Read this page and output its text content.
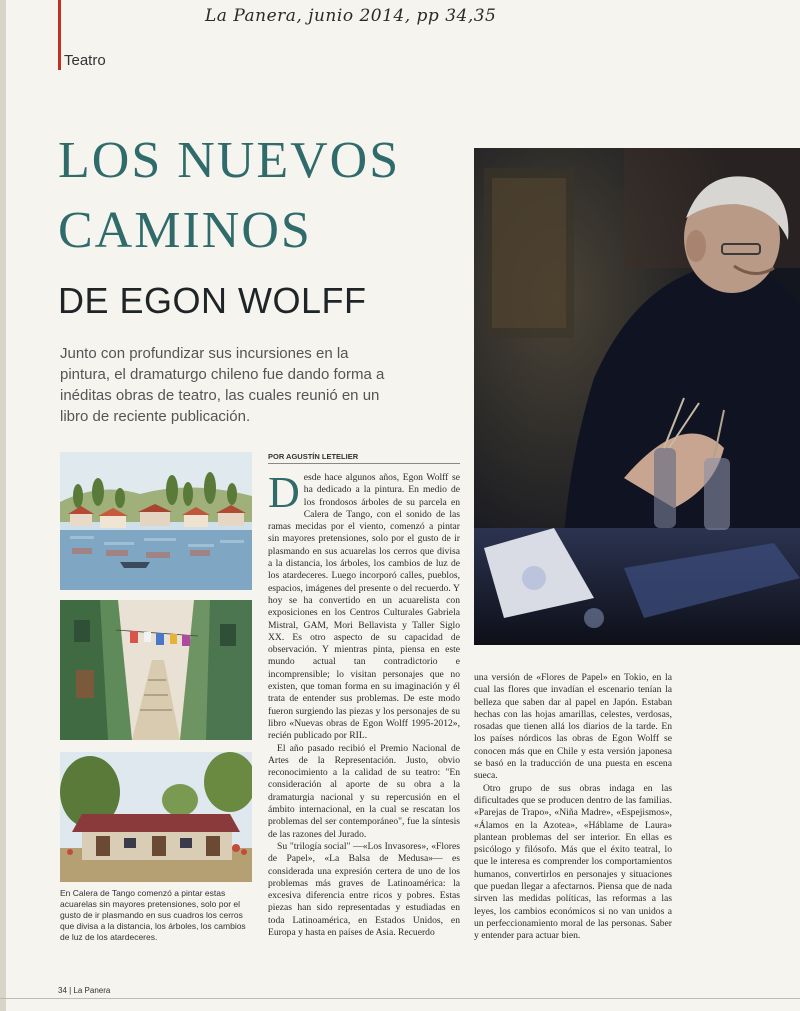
La Panera, junio 2014, pp 34,35
Teatro
LOS NUEVOS
CAMINOS
DE EGON WOLFF
Junto con profundizar sus incursiones en la pintura, el dramaturgo chileno fue dando forma a inéditas obras de teatro, las cuales reunió en un libro de reciente publicación.
En Calera de Tango comenzó a pintar estas acuarelas sin mayores pretensiones, solo por el gusto de ir plasmando en sus cuadros los cerros que divisa a la distancia, los árboles, los cambios de luz de los atardeceres.
POR AGUSTÍN LETELIER

Desde hace algunos años, Egon Wolff se ha dedicado a la pintura. En medio de los frondosos árboles de su parcela en Calera de Tango, con el sonido de las ramas mecidas por el viento, comenzó a pintar sin mayores pretensiones, solo por el gusto de ir plasmando en sus acuarelas los cerros que divisa a la distancia, los árboles, los cambios de luz de los atardeceres. Luego incorporó calles, pueblos, espacios, imágenes del presente o del recuerdo. Y hoy se ha convertido en un acuarelista con exposiciones en los Centros Culturales Gabriela Mistral, GAM, Mori Bellavista y Taller Siglo XX. Es otro aspecto de su capacidad de observación. Y mientras pinta, piensa en este mundo actual tan contradictorio e incomprensible; lo visitan personajes que no existen, que toman forma en su imaginación y él trata de entender sus problemas. De este modo fueron surgiendo las piezas y los personajes de su libro «Nuevas obras de Egon Wolff 1995-2012», recién publicado por RIL.

El año pasado recibió el Premio Nacional de Artes de la Representación. Justo, obvio reconocimiento a la calidad de su teatro: "En consideración al aporte de su obra a la dramaturgia nacional y su repercusión en el ámbito internacional, en la cual se rescatan los problemas del ser contemporáneo", fue la síntesis de las razones del Jurado.

Su "trilogía social" —«Los Invasores», «Flores de Papel», «La Balsa de Medusa»— es considerada una expresión certera de uno de los problemas más graves de Latinoamérica: la excesiva diferencia entre ricos y pobres. Estas piezas han sido representadas y estudiadas en toda Latinoamérica, en Estados Unidos, en Europa y hasta en países de Asia. Recuerdo

una versión de «Flores de Papel» en Tokio, en la cual las flores que invadían el escenario tenían la belleza que saben dar al papel en Japón. Estaban hechas con las hojas amarillas, celestes, verdosas, rosadas que tienen allá los diarios de la tarde. En los países nórdicos las obras de Egon Wolff se conocen más que en Chile y esta versión japonesa se basó en la traducción de una puesta en escena sueca.

Otro grupo de sus obras indaga en las dificultades que se producen dentro de las familias. «Parejas de Trapo», «Niña Madre», «Espejismos», «Álamos en la Azotea», «Háblame de Laura» plantean problemas del ser interior. En ellas es psicólogo y filósofo. Más que el éxito teatral, lo que le interesa es comprender los comportamientos humanos, convertirlos en personajes y situaciones que puedan llegar a afectarnos. Piensa que de nada sirven las medidas políticas, las reformas a las leyes, los cambios económicos si no van unidos a un perfeccionamiento moral de las personas. Saber y entender para actuar bien.

34 | La Panera
